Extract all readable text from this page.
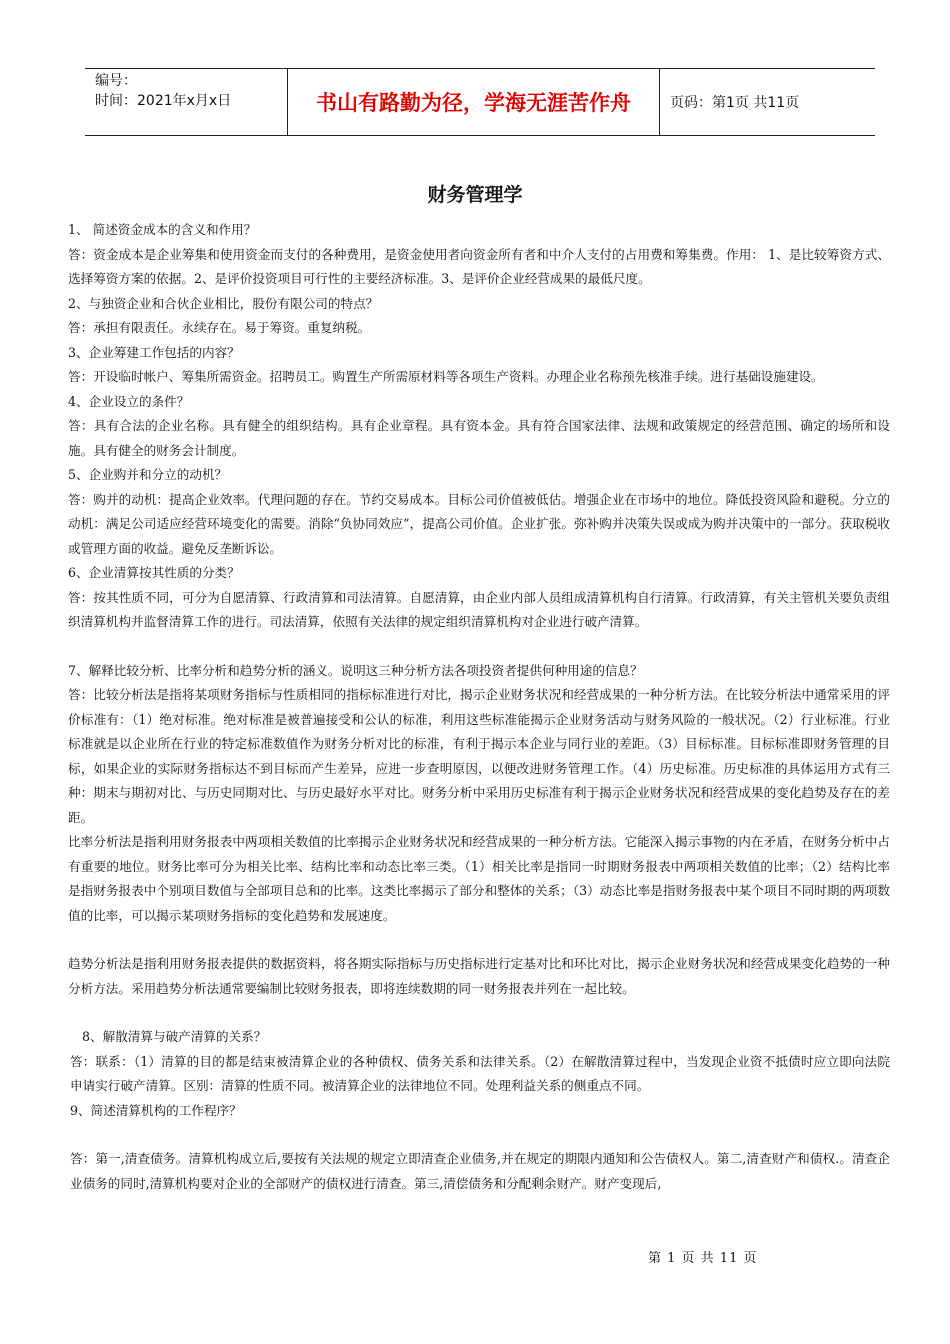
编号：
时间：2021年x月x日	书山有路勤为径，学海无涯苦作舟	页码：第1页 共11页
财务管理学

1、 简述资金成本的含义和作用？

答：资金成本是企业筹集和使用资金而支付的各种费用，是资金使用者向资金所有者和中介人支付的占用费和筹集费。作用： 1、是比较筹资方式、选择筹资方案的依据。2、是评价投资项目可行性的主要经济标准。3、是评价企业经营成果的最低尺度。

2、与独资企业和合伙企业相比，股份有限公司的特点？

答：承担有限责任。永续存在。易于筹资。重复纳税。

3、企业筹建工作包括的内容？

答：开设临时帐户、筹集所需资金。招聘员工。购置生产所需原材料等各项生产资料。办理企业名称预先核准手续。进行基础设施建设。

4、企业设立的条件？

答：具有合法的企业名称。具有健全的组织结构。具有企业章程。具有资本金。具有符合国家法律、法规和政策规定的经营范围、确定的场所和设施。具有健全的财务会计制度。

5、企业购并和分立的动机？

答：购并的动机：提高企业效率。代理问题的存在。节约交易成本。目标公司价值被低估。增强企业在市场中的地位。降低投资风险和避税。分立的动机：满足公司适应经营环境变化的需要。消除“负协同效应”，提高公司价值。企业扩张。弥补购并决策失误或成为购并决策中的一部分。获取税收或管理方面的收益。避免反垄断诉讼。

6、企业清算按其性质的分类？

答：按其性质不同，可分为自愿清算、行政清算和司法清算。自愿清算，由企业内部人员组成清算机构自行清算。行政清算，有关主管机关要负责组织清算机构并监督清算工作的进行。司法清算，依照有关法律的规定组织清算机构对企业进行破产清算。

7、解释比较分析、比率分析和趋势分析的涵义。说明这三种分析方法各项投资者提供何种用途的信息？

答：比较分析法是指将某项财务指标与性质相同的指标标准进行对比，揭示企业财务状况和经营成果的一种分析方法。在比较分析法中通常采用的评价标准有：（1）绝对标准。绝对标准是被普遍接受和公认的标准，利用这些标准能揭示企业财务活动与财务风险的一般状况。（2）行业标准。行业标准就是以企业所在行业的特定标准数值作为财务分析对比的标准，有利于揭示本企业与同行业的差距。（3）目标标准。目标标准即财务管理的目标，如果企业的实际财务指标达不到目标而产生差异，应进一步查明原因，以便改进财务管理工作。（4）历史标准。历史标准的具体运用方式有三种：期末与期初对比、与历史同期对比、与历史最好水平对比。财务分析中采用历史标准有利于揭示企业财务状况和经营成果的变化趋势及存在的差距。

比率分析法是指利用财务报表中两项相关数值的比率揭示企业财务状况和经营成果的一种分析方法。它能深入揭示事物的内在矛盾，在财务分析中占有重要的地位。财务比率可分为相关比率、结构比率和动态比率三类。（1）相关比率是指同一时期财务报表中两项相关数值的比率；（2）结构比率是指财务报表中个别项目数值与全部项目总和的比率。这类比率揭示了部分和整体的关系；（3）动态比率是指财务报表中某个项目不同时期的两项数值的比率，可以揭示某项财务指标的变化趋势和发展速度。

趋势分析法是指利用财务报表提供的数据资料，将各期实际指标与历史指标进行定基对比和环比对比，揭示企业财务状况和经营成果变化趋势的一种分析方法。采用趋势分析法通常要编制比较财务报表，即将连续数期的同一财务报表并列在一起比较。

8、解散清算与破产清算的关系？

答：联系：（1）清算的目的都是结束被清算企业的各种债权、债务关系和法律关系。（2）在解散清算过程中，当发现企业资不抵债时应立即向法院申请实行破产清算。区别：清算的性质不同。被清算企业的法律地位不同。处理利益关系的侧重点不同。

9、简述清算机构的工作程序？

答：第一,清查债务。清算机构成立后,要按有关法规的规定立即清查企业债务,并在规定的期限内通知和公告债权人。第二,清查财产和债权.。清查企业债务的同时,清算机构要对企业的全部财产的债权进行清查。第三,清偿债务和分配剩余财产。财产变现后,

第 1 页 共 11 页
